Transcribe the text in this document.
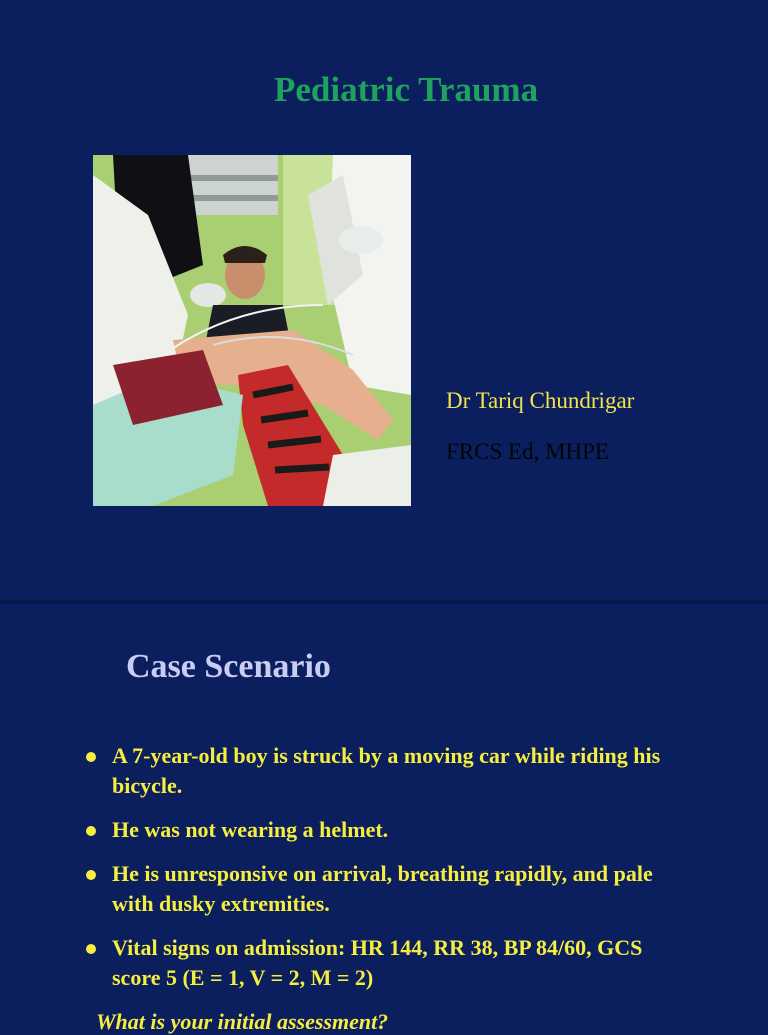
Pediatric Trauma
Dr Tariq Chundrigar
FRCS Ed, MHPE
Case Scenario
A 7-year-old boy is struck by a moving car while riding his bicycle.
He was not wearing a helmet.
He is unresponsive on arrival, breathing rapidly, and pale with dusky extremities.
Vital signs on admission: HR 144, RR 38, BP 84/60, GCS score 5 (E = 1, V = 2, M = 2)
What is your initial assessment?
